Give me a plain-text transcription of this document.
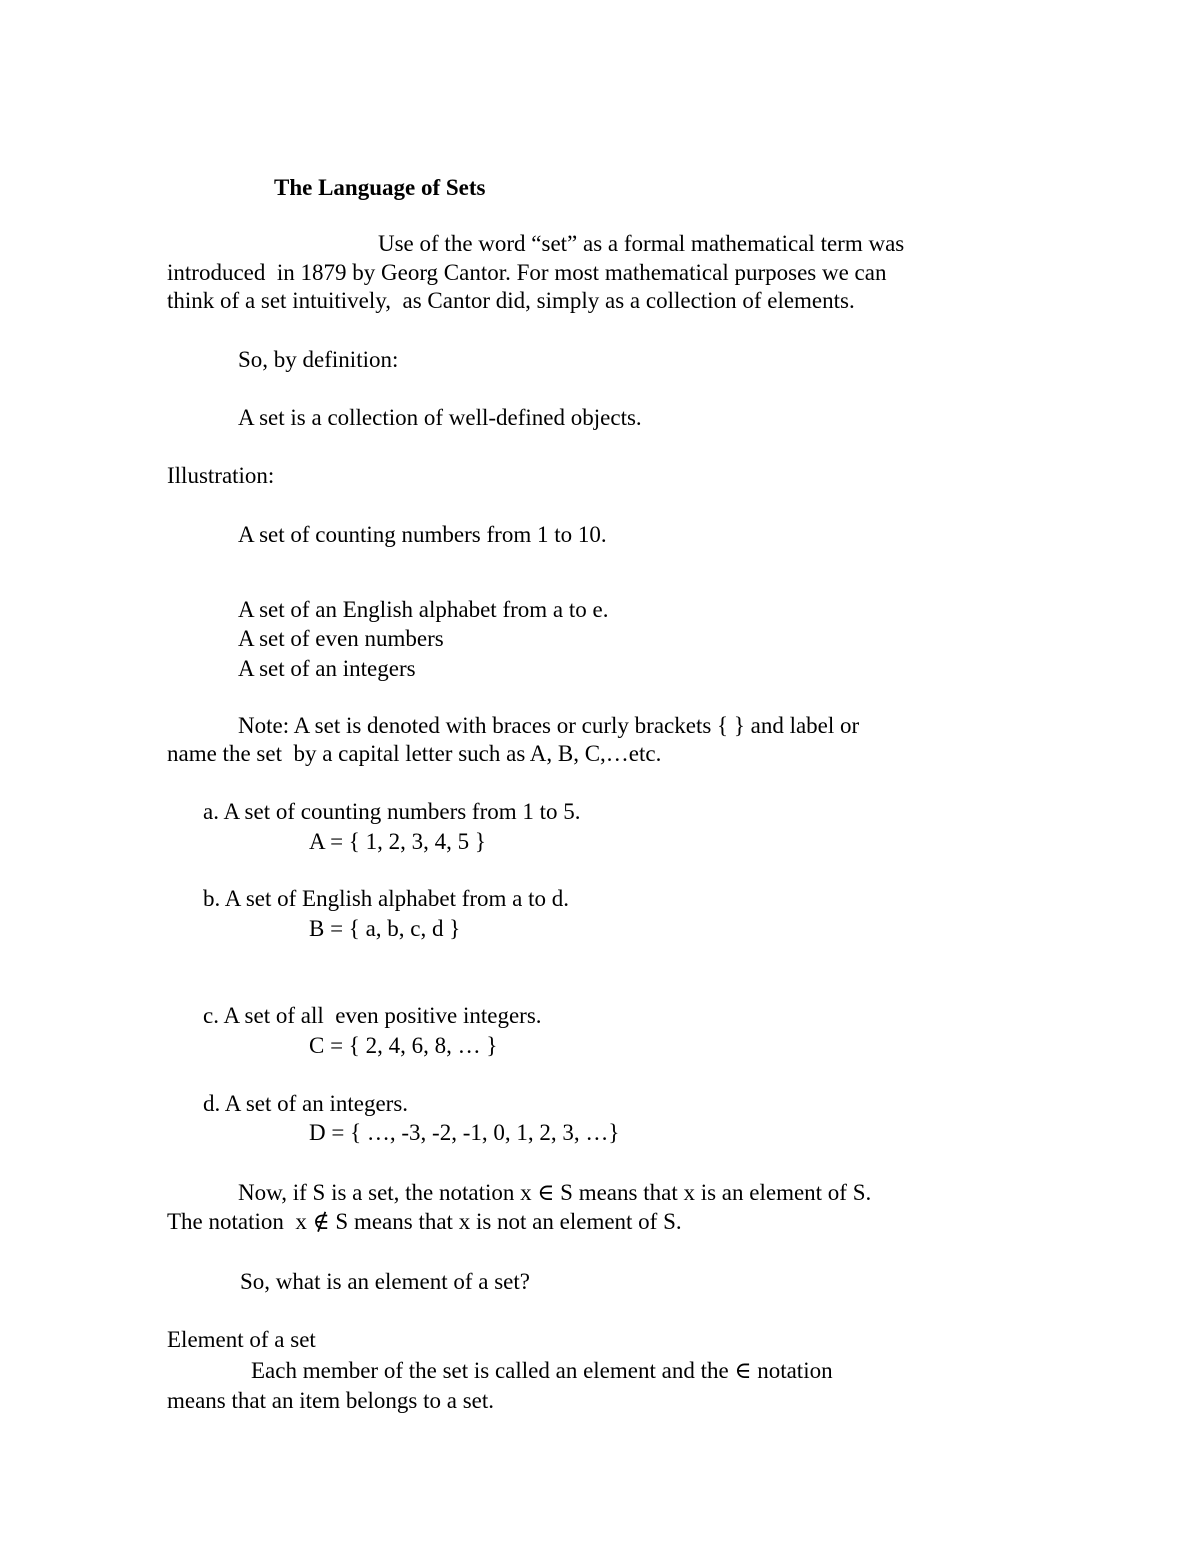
The Language of Sets
Use of the word “set” as a formal mathematical term was
introduced  in 1879 by Georg Cantor. For most mathematical purposes we can
think of a set intuitively,  as Cantor did, simply as a collection of elements.
So, by definition:
A set is a collection of well-defined objects.
Illustration:
A set of counting numbers from 1 to 10.
A set of an English alphabet from a to e.
A set of even numbers
A set of an integers
Note: A set is denoted with braces or curly brackets { } and label or
name the set  by a capital letter such as A, B, C,…etc.
a. A set of counting numbers from 1 to 5.
A = { 1, 2, 3, 4, 5 }
b. A set of English alphabet from a to d.
B = { a, b, c, d }
c. A set of all  even positive integers.
C = { 2, 4, 6, 8, … }
d. A set of an integers.
D = { …, -3, -2, -1, 0, 1, 2, 3, …}
Now, if S is a set, the notation x ∈ S means that x is an element of S.
The notation  x ∉ S means that x is not an element of S.
So, what is an element of a set?
Element of a set
Each member of the set is called an element and the ∈ notation
means that an item belongs to a set.
